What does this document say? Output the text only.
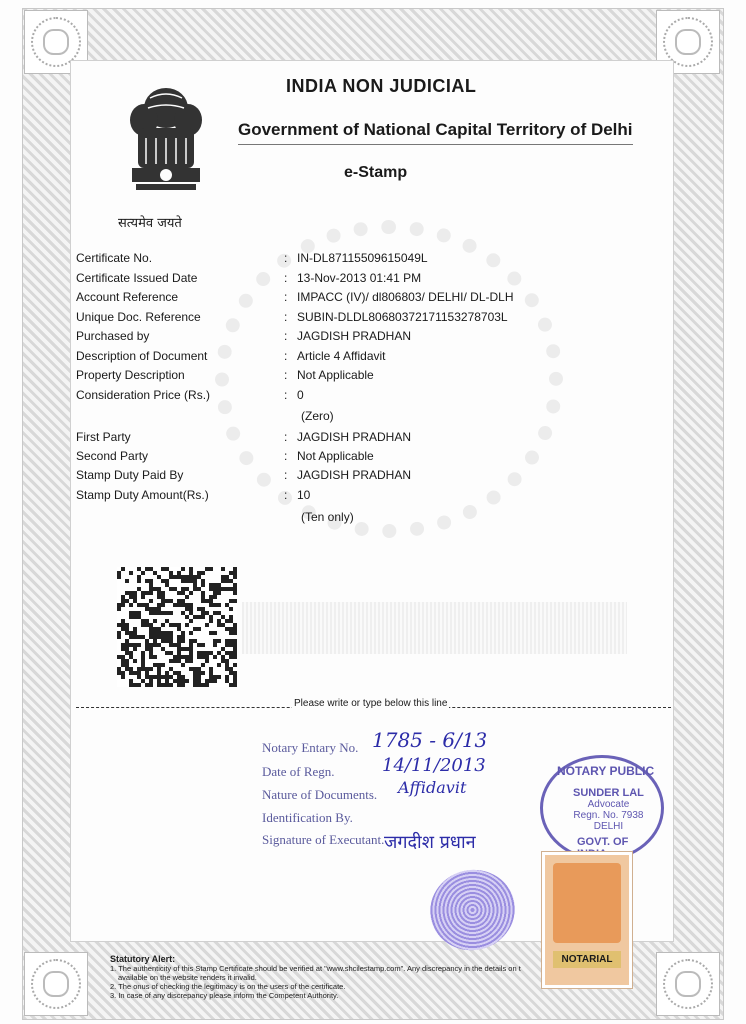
सत्यमेव जयते
INDIA NON JUDICIAL
Government of National Capital Territory of Delhi
e-Stamp
Certificate No.	: IN-DL87115509615049L
Certificate Issued Date	: 13-Nov-2013 01:41 PM
Account Reference	: IMPACC (IV)/ dl806803/ DELHI/ DL-DLH
Unique Doc. Reference	: SUBIN-DLDL80680372171153278703L
Purchased by	: JAGDISH PRADHAN
Description of Document	: Article 4 Affidavit
Property Description	: Not Applicable
Consideration Price (Rs.)	: 0
(Zero)
First Party	: JAGDISH PRADHAN
Second Party	: Not Applicable
Stamp Duty Paid By	: JAGDISH PRADHAN
Stamp Duty Amount(Rs.)	: 10
(Ten only)
Please write or type below this line
Notary Entary No. 1785 - 6/13
Date of Regn.	14/11/2013
Nature of Documents. Affidavit
Identification By.
Signature of Executant. जगदीश प्रधान
NOTARY PUBLIC
SUNDER LAL
Advocate
Regn. No. 7938
DELHI
GOVT. OF
NOTARIAL
Statutory Alert:
1. The authenticity of this Stamp Certificate should be verified at "www.shcilestamp.com". Any discrepancy in the details on t
available on the website renders it invalid.
2. The onus of checking the legitimacy is on the users of the certificate.
3. In case of any discrepancy please inform the Competent Authority.
